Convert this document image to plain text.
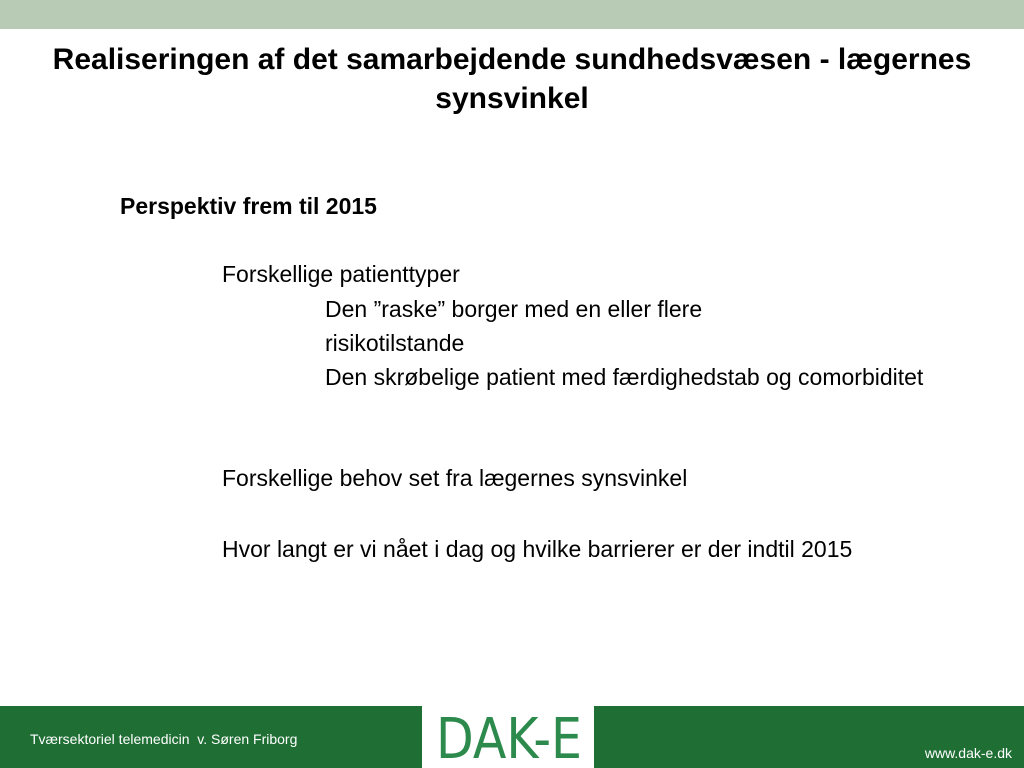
Realiseringen af det samarbejdende sundhedsvæsen - lægernes synsvinkel

Perspektiv frem til 2015

Forskellige patienttyper

Den ”raske” borger med en eller flere risikotilstande

Den skrøbelige patient med færdighedstab og comorbiditet

Forskellige behov set fra lægernes synsvinkel

Hvor langt er vi nået i dag og hvilke barrierer er der indtil 2015

Tværsektoriel telemedicin  v. Søren Friborg DAK-E	www.dak-e.dk
